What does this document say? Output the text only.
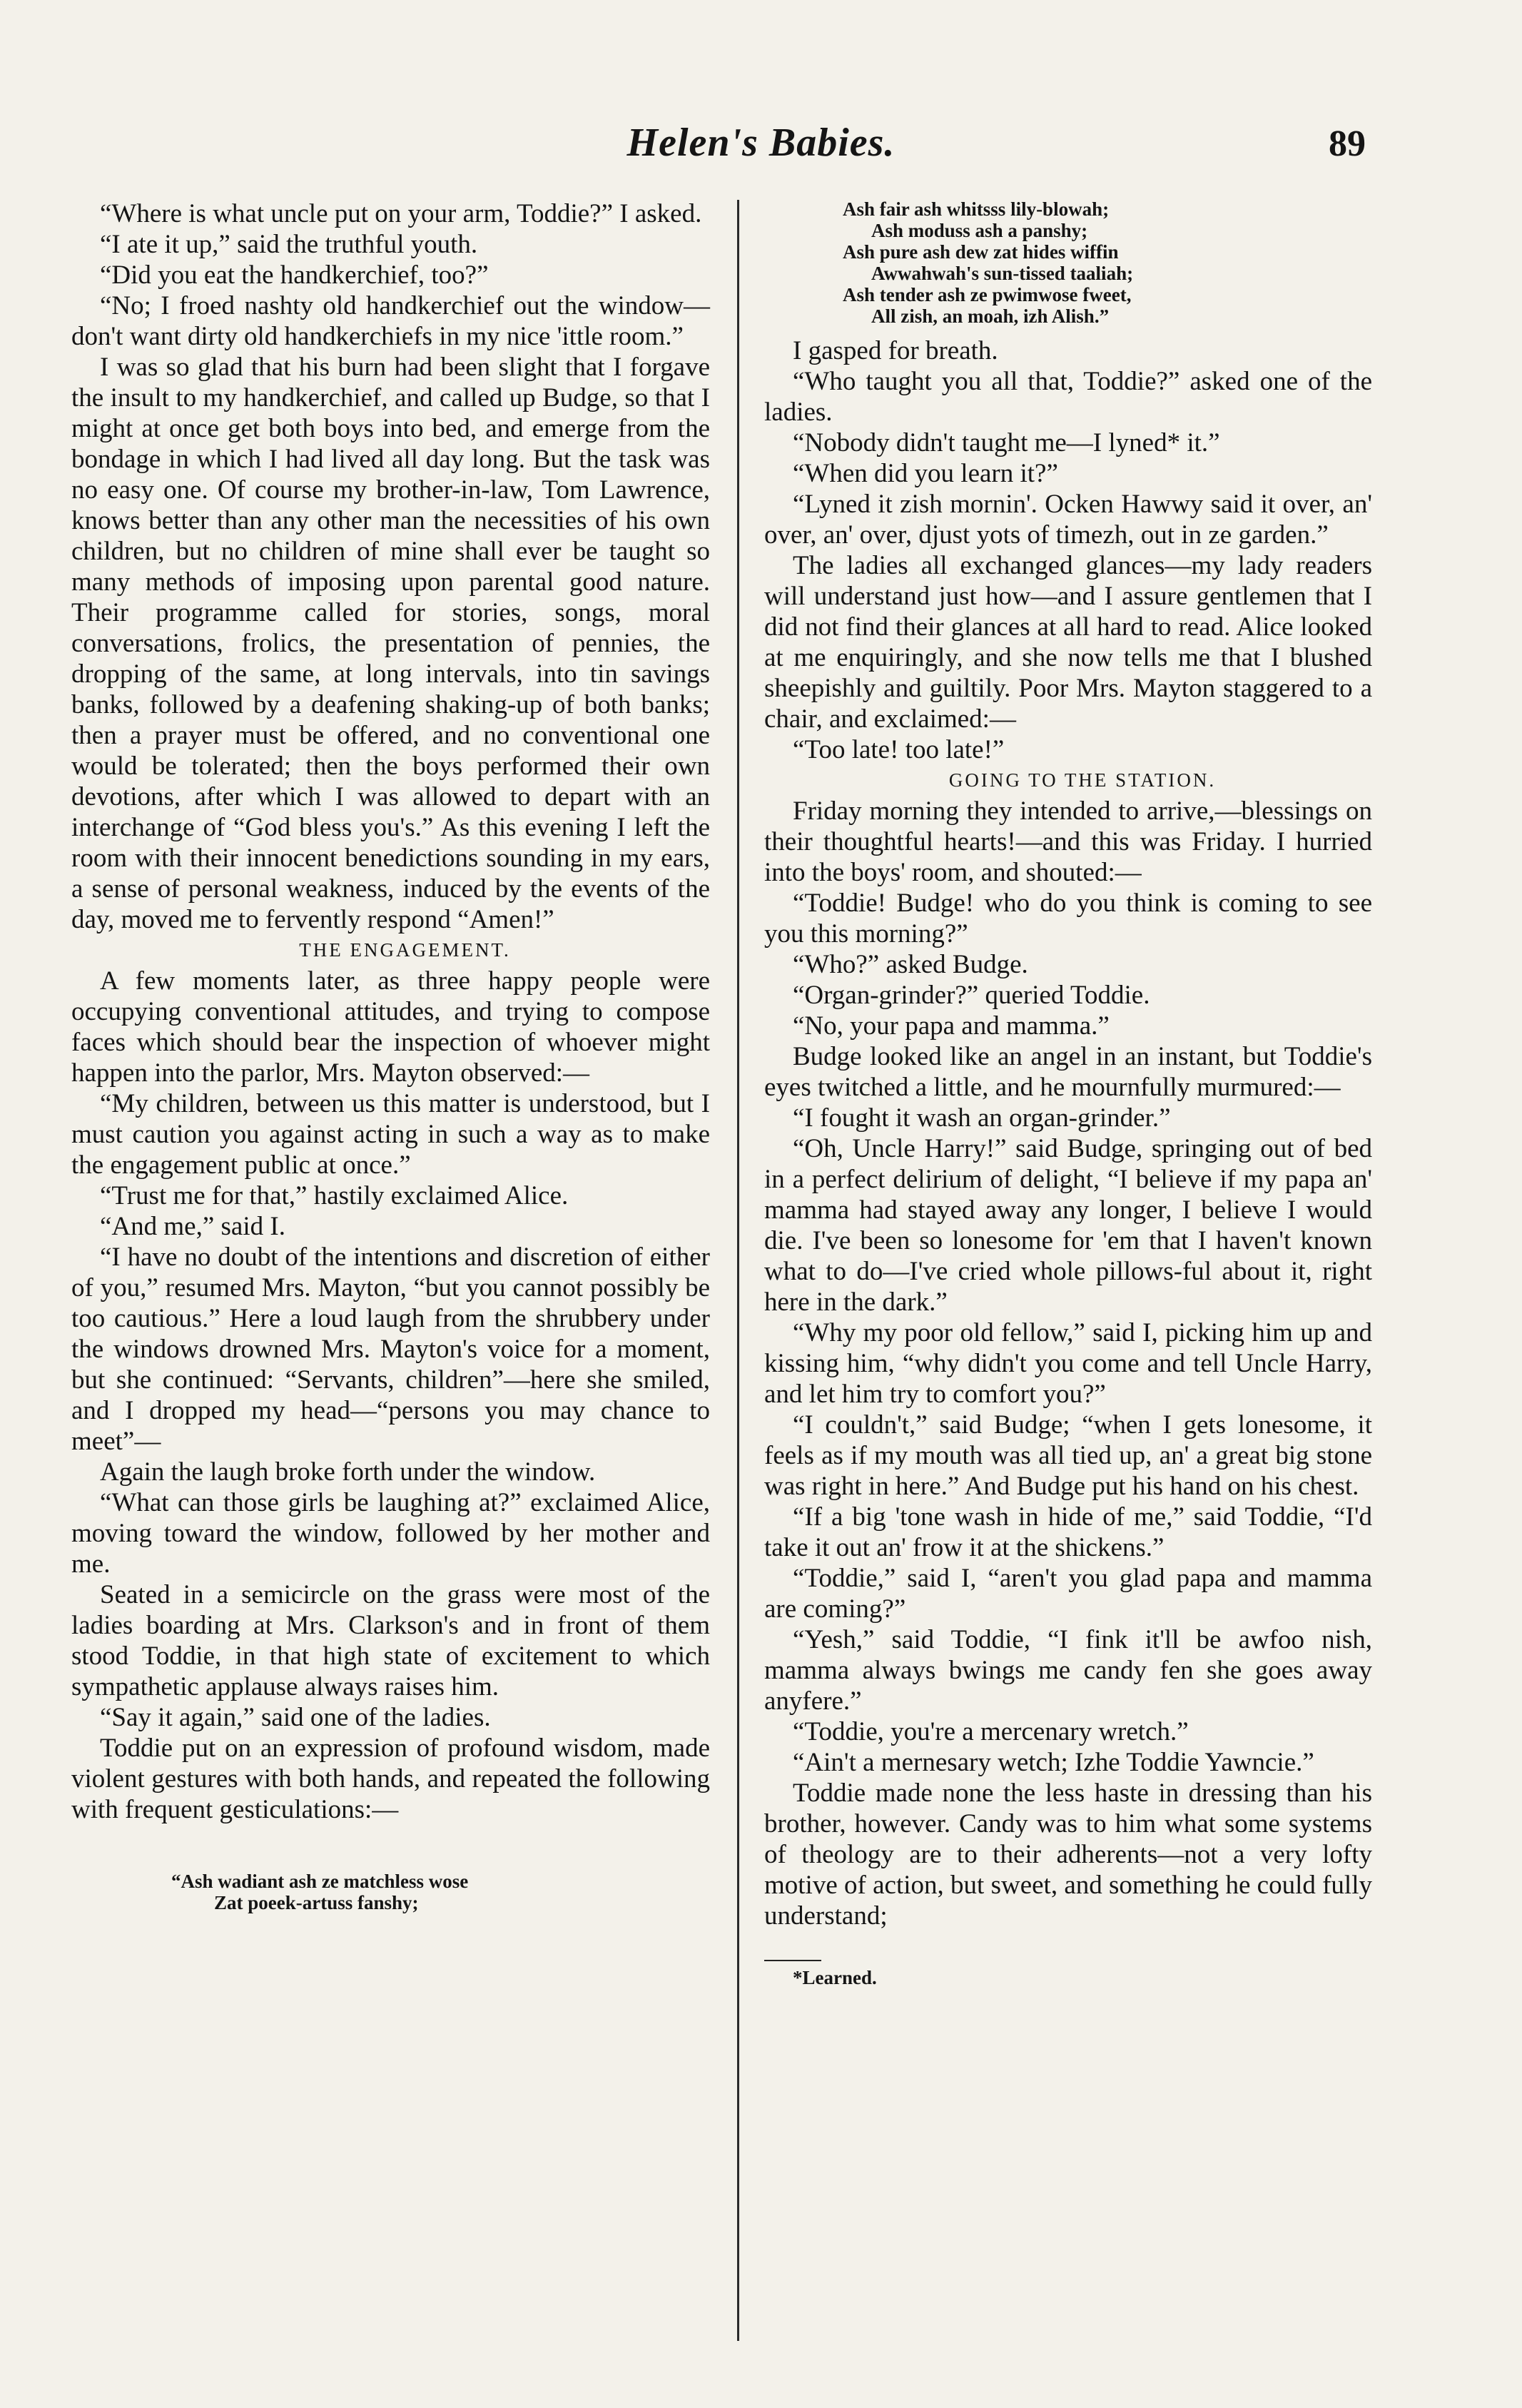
Helen's Babies.	89

“Where is what uncle put on your arm, Toddie?” I asked.

“I ate it up,” said the truthful youth.

“Did you eat the handkerchief, too?”

“No; I froed nashty old handkerchief out the window—don't want dirty old handkerchiefs in my nice 'ittle room.”

I was so glad that his burn had been slight that I forgave the insult to my handkerchief, and called up Budge, so that I might at once get both boys into bed, and emerge from the bondage in which I had lived all day long. But the task was no easy one. Of course my brother-in-law, Tom Lawrence, knows better than any other man the necessities of his own children, but no children of mine shall ever be taught so many methods of imposing upon parental good nature. Their programme called for stories, songs, moral conversations, frolics, the presentation of pennies, the dropping of the same, at long intervals, into tin savings banks, followed by a deafening shaking-up of both banks; then a prayer must be offered, and no conventional one would be tolerated; then the boys performed their own devotions, after which I was allowed to depart with an interchange of “God bless you's.” As this evening I left the room with their innocent benedictions sounding in my ears, a sense of personal weakness, induced by the events of the day, moved me to fervently respond “Amen!”

THE ENGAGEMENT.

A few moments later, as three happy people were occupying conventional attitudes, and trying to compose faces which should bear the inspection of whoever might happen into the parlor, Mrs. Mayton observed:—

“My children, between us this matter is understood, but I must caution you against acting in such a way as to make the engagement public at once.”

“Trust me for that,” hastily exclaimed Alice.

“And me,” said I.

“I have no doubt of the intentions and discretion of either of you,” resumed Mrs. Mayton, “but you cannot possibly be too cautious.” Here a loud laugh from the shrubbery under the windows drowned Mrs. Mayton's voice for a moment, but she continued: “Servants, children”—here she smiled, and I dropped my head—“persons you may chance to meet”—

Again the laugh broke forth under the window.

“What can those girls be laughing at?” exclaimed Alice, moving toward the window, followed by her mother and me.

Seated in a semicircle on the grass were most of the ladies boarding at Mrs. Clarkson's and in front of them stood Toddie, in that high state of excitement to which sympathetic applause always raises him.

“Say it again,” said one of the ladies.

Toddie put on an expression of profound wisdom, made violent gestures with both hands, and repeated the following with frequent gesticulations:—

“Ash wadiant ash ze matchless wose
Zat poeek-artuss fanshy;
Ash fair ash whitsss lily-blowah;
Ash moduss ash a panshy;
Ash pure ash dew zat hides wiffin
Awwahwah's sun-tissed taaliah;
Ash tender ash ze pwimwose fweet,
All zish, an moah, izh Alish.”

I gasped for breath.

“Who taught you all that, Toddie?” asked one of the ladies.

“Nobody didn't taught me—I lyned* it.”

“When did you learn it?”

“Lyned it zish mornin'. Ocken Hawwy said it over, an' over, an' over, djust yots of timezh, out in ze garden.”

The ladies all exchanged glances—my lady readers will understand just how—and I assure gentlemen that I did not find their glances at all hard to read. Alice looked at me enquiringly, and she now tells me that I blushed sheepishly and guiltily. Poor Mrs. Mayton staggered to a chair, and exclaimed:—

“Too late! too late!”

GOING TO THE STATION.

Friday morning they intended to arrive,—blessings on their thoughtful hearts!—and this was Friday. I hurried into the boys' room, and shouted:—

“Toddie! Budge! who do you think is coming to see you this morning?”

“Who?” asked Budge.

“Organ-grinder?” queried Toddie.

“No, your papa and mamma.”

Budge looked like an angel in an instant, but Toddie's eyes twitched a little, and he mournfully murmured:—

“I fought it wash an organ-grinder.”

“Oh, Uncle Harry!” said Budge, springing out of bed in a perfect delirium of delight, “I believe if my papa an' mamma had stayed away any longer, I believe I would die. I've been so lonesome for 'em that I haven't known what to do—I've cried whole pillows-ful about it, right here in the dark.”

“Why my poor old fellow,” said I, picking him up and kissing him, “why didn't you come and tell Uncle Harry, and let him try to comfort you?”

“I couldn't,” said Budge; “when I gets lonesome, it feels as if my mouth was all tied up, an' a great big stone was right in here.” And Budge put his hand on his chest.

“If a big 'tone wash in hide of me,” said Toddie, “I'd take it out an' frow it at the shickens.”

“Toddie,” said I, “aren't you glad papa and mamma are coming?”

“Yesh,” said Toddie, “I fink it'll be awfoo nish, mamma always bwings me candy fen she goes away anyfere.”

“Toddie, you're a mercenary wretch.”

“Ain't a mernesary wetch; Izhe Toddie Yawncie.”

Toddie made none the less haste in dressing than his brother, however. Candy was to him what some systems of theology are to their adherents—not a very lofty motive of action, but sweet, and something he could fully understand;

*Learned.
